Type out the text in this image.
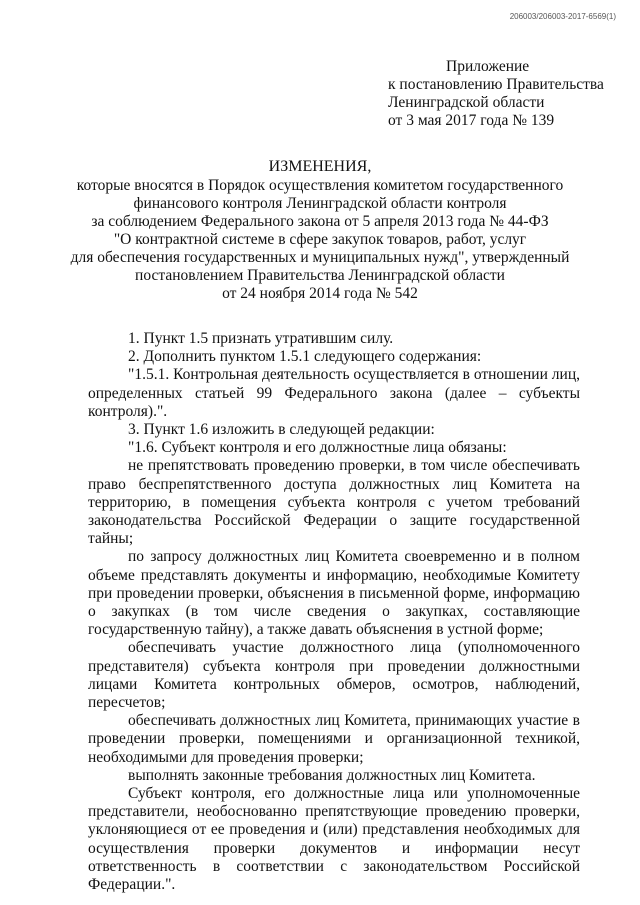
206003/206003-2017-6569(1)
Приложение
к постановлению Правительства
Ленинградской области
от 3 мая 2017 года № 139
ИЗМЕНЕНИЯ,
которые вносятся в Порядок осуществления комитетом государственного
финансового контроля Ленинградской области контроля
за соблюдением Федерального закона от 5 апреля 2013 года № 44-ФЗ
"О контрактной системе в сфере закупок товаров, работ, услуг
для обеспечения государственных и муниципальных нужд", утвержденный
постановлением Правительства Ленинградской области
от 24 ноября 2014 года № 542

1. Пункт 1.5 признать утратившим силу.

2. Дополнить пунктом 1.5.1 следующего содержания:

"1.5.1. Контрольная деятельность осуществляется в отношении лиц, определенных статьей 99 Федерального закона (далее – субъекты контроля).".

3. Пункт 1.6 изложить в следующей редакции:

"1.6. Субъект контроля и его должностные лица обязаны:

не препятствовать проведению проверки, в том числе обеспечивать право беспрепятственного доступа должностных лиц Комитета на территорию, в помещения субъекта контроля с учетом требований законодательства Российской Федерации о защите государственной тайны;

по запросу должностных лиц Комитета своевременно и в полном объеме представлять документы и информацию, необходимые Комитету при проведении проверки, объяснения в письменной форме, информацию о закупках (в том числе сведения о закупках, составляющие государственную тайну), а также давать объяснения в устной форме;

обеспечивать участие должностного лица (уполномоченного представителя) субъекта контроля при проведении должностными лицами Комитета контрольных обмеров, осмотров, наблюдений, пересчетов;

обеспечивать должностных лиц Комитета, принимающих участие в проведении проверки, помещениями и организационной техникой, необходимыми для проведения проверки;

выполнять законные требования должностных лиц Комитета.

Субъект контроля, его должностные лица или уполномоченные представители, необоснованно препятствующие проведению проверки, уклоняющиеся от ее проведения и (или) представления необходимых для осуществления проверки документов и информации несут ответственность в соответствии с законодательством Российской Федерации.".
